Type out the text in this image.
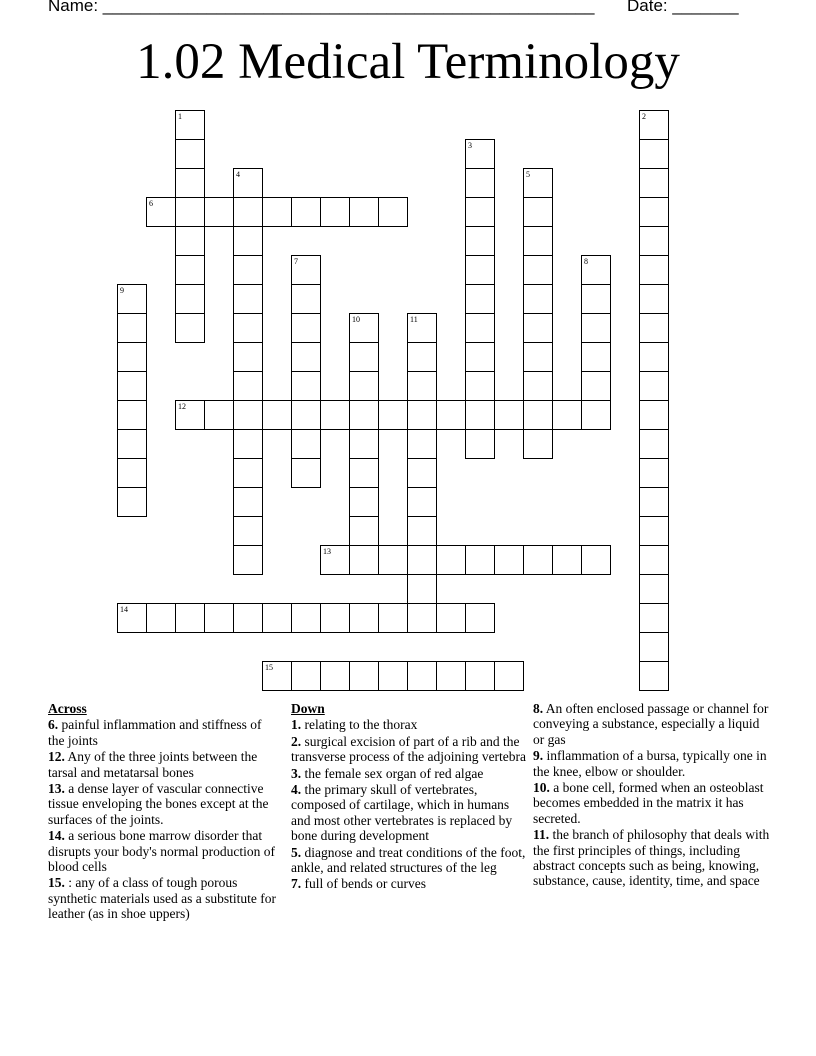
Name: ____________________________________________________ Date: _______
1.02 Medical Terminology
1	2
3
4	5
6
7	8
9
10	11
12
13
14
15
Across
6. painful inflammation and stiffness of the joints
12. Any of the three joints between the tarsal and metatarsal bones
13. a dense layer of vascular connective tissue enveloping the bones except at the surfaces of the joints.
14. a serious bone marrow disorder that disrupts your body's normal production of blood cells
15. : any of a class of tough porous synthetic materials used as a substitute for leather (as in shoe uppers)
Down
1. relating to the thorax
2. surgical excision of part of a rib and the transverse process of the adjoining vertebra
3. the female sex organ of red algae
4. the primary skull of vertebrates, composed of cartilage, which in humans and most other vertebrates is replaced by bone during development
5. diagnose and treat conditions of the foot, ankle, and related structures of the leg
7. full of bends or curves
8. An often enclosed passage or channel for conveying a substance, especially a liquid or gas
9. inflammation of a bursa, typically one in the knee, elbow or shoulder.
10. a bone cell, formed when an osteoblast becomes embedded in the matrix it has secreted.
11. the branch of philosophy that deals with the first principles of things, including abstract concepts such as being, knowing, substance, cause, identity, time, and space
